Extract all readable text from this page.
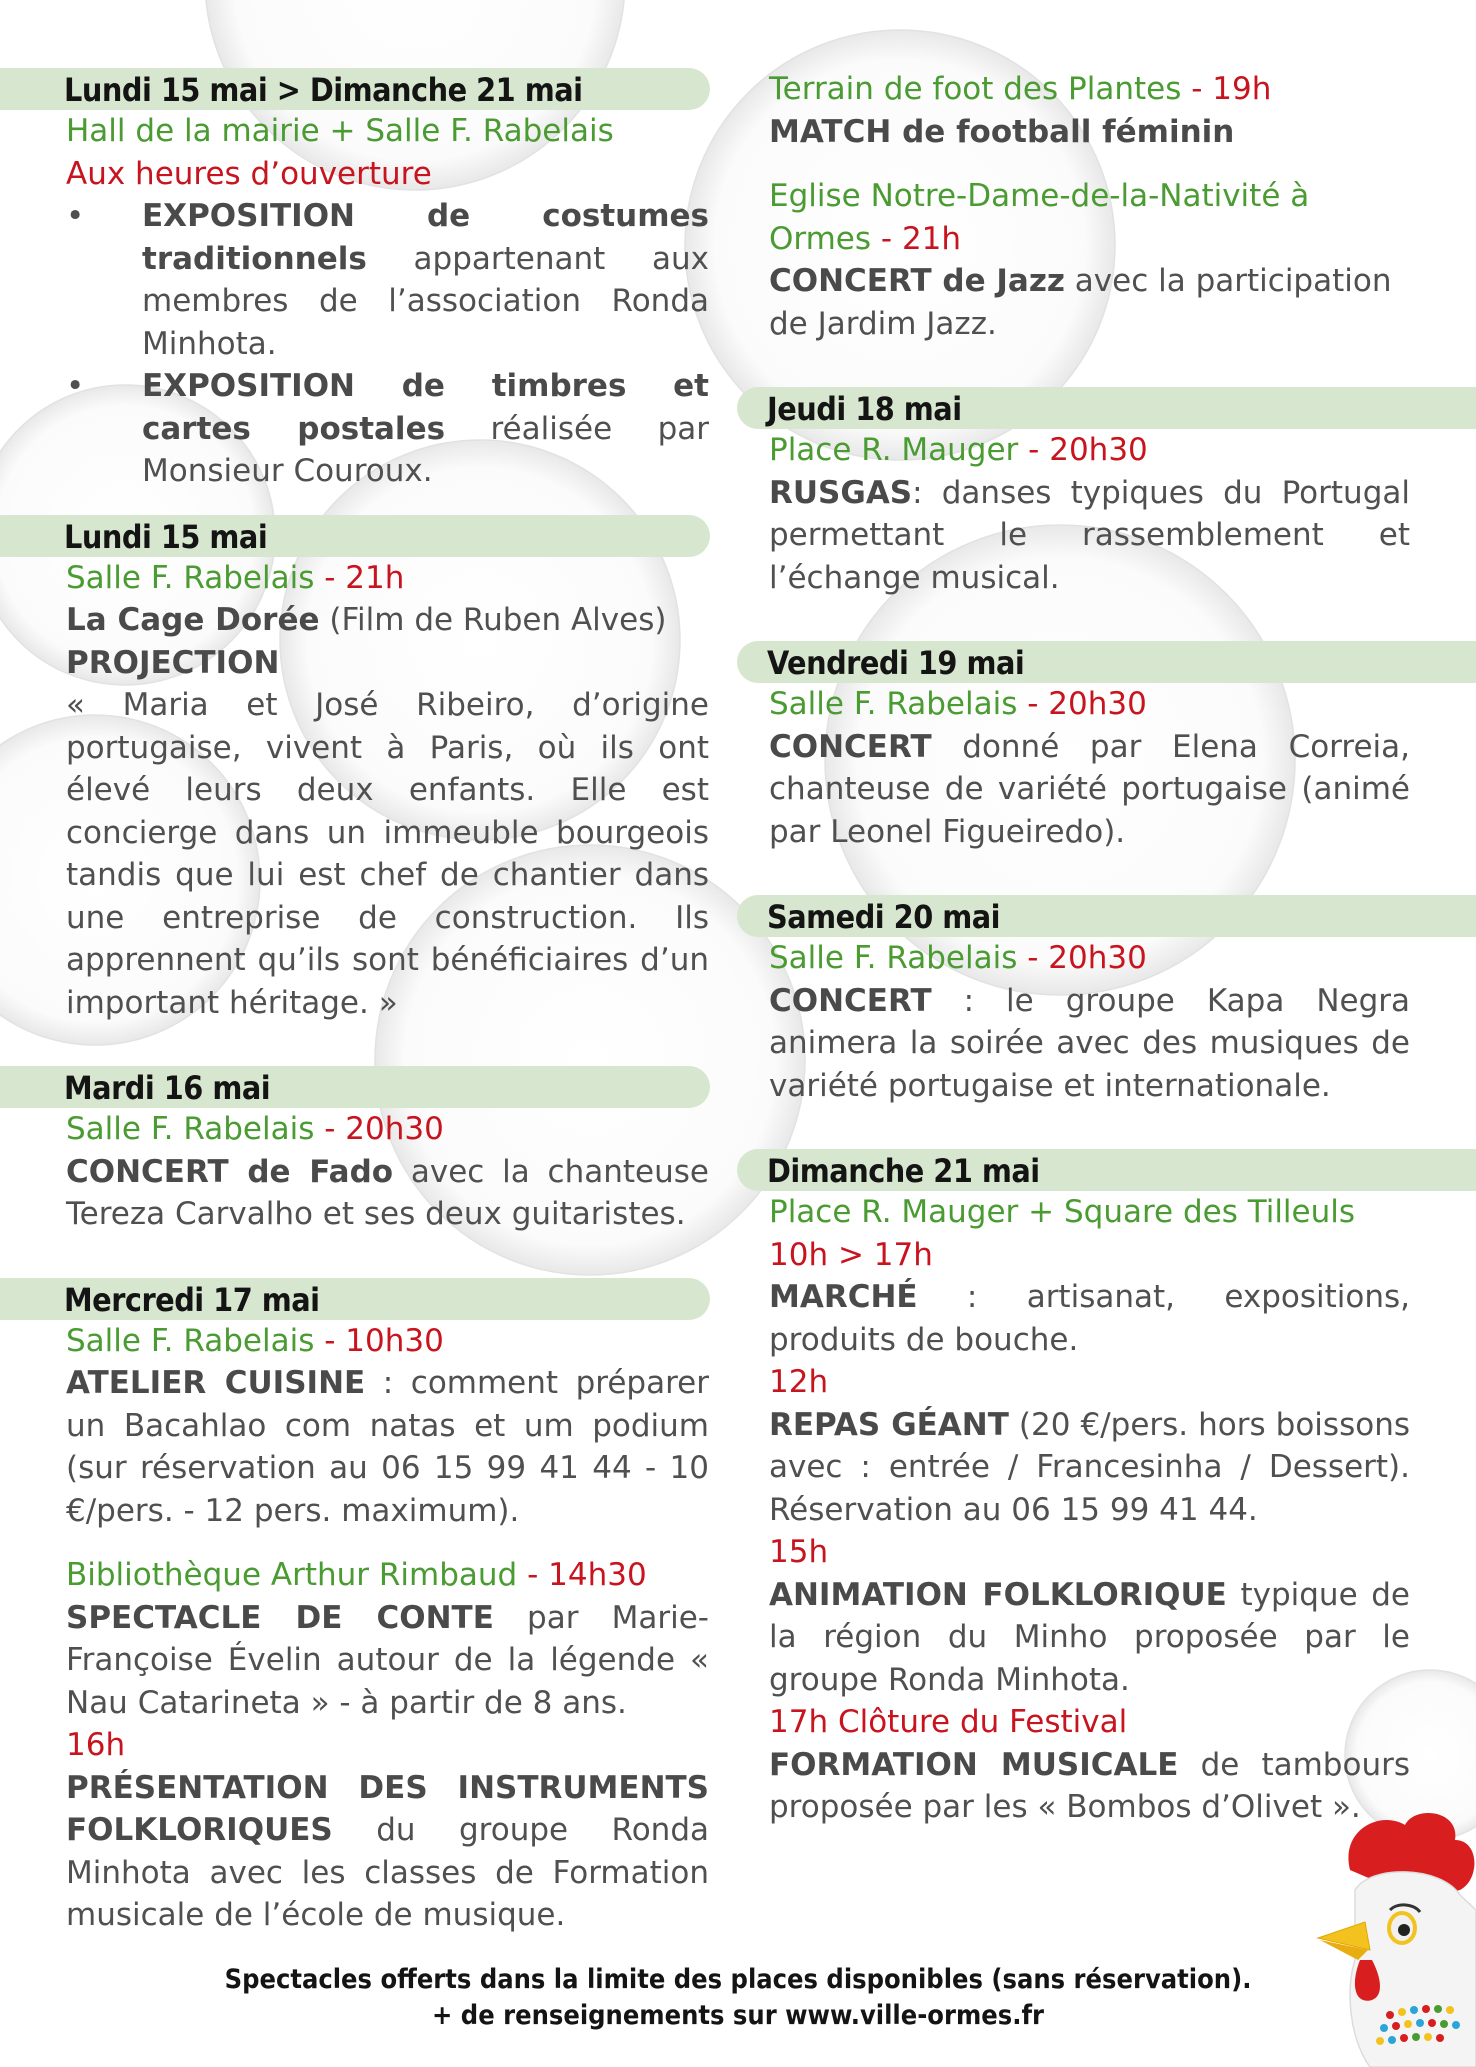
Lundi 15 mai > Dimanche 21 mai

Hall de la mairie + Salle F. Rabelais

Aux heures d’ouverture

• EXPOSITION de costumes traditionnels appartenant aux membres de l’association Ronda Minhota.
• EXPOSITION de timbres et cartes postales réalisée par Monsieur Couroux.
Lundi 15 mai

Salle F. Rabelais - 21h

La Cage Dorée (Film de Ruben Alves)

PROJECTION

« Maria et José Ribeiro, d’origine portugaise, vivent à Paris, où ils ont élevé leurs deux enfants. Elle est concierge dans un immeuble bourgeois tandis que lui est chef de chantier dans une entreprise de construction. Ils apprennent qu’ils sont bénéficiaires d’un important héritage. »

Mardi 16 mai

Salle F. Rabelais - 20h30

CONCERT de Fado avec la chanteuse Tereza Carvalho et ses deux guitaristes.

Mercredi 17 mai

Salle F. Rabelais - 10h30

ATELIER CUISINE : comment préparer un Bacahlao com natas et um podium (sur réservation au 06 15 99 41 44 - 10 €/pers. - 12 pers. maximum).

Bibliothèque Arthur Rimbaud - 14h30

SPECTACLE DE CONTE par Marie-Françoise Évelin autour de la légende « Nau Catarineta » - à partir de 8 ans.

16h

PRÉSENTATION DES INSTRUMENTS FOLKLORIQUES du groupe Ronda Minhota avec les classes de Formation musicale de l’école de musique.

Terrain de foot des Plantes - 19h

MATCH de football féminin

Eglise Notre-Dame-de-la-Nativité à Ormes - 21h

CONCERT de Jazz avec la participation de Jardim Jazz.

Jeudi 18 mai

Place R. Mauger - 20h30

RUSGAS: danses typiques du Portugal permettant le rassemblement et l’échange musical.

Vendredi 19 mai

Salle F. Rabelais - 20h30

CONCERT donné par Elena Correia, chanteuse de variété portugaise (animé par Leonel Figueiredo).

Samedi 20 mai

Salle F. Rabelais - 20h30

CONCERT : le groupe Kapa Negra animera la soirée avec des musiques de variété portugaise et internationale.

Dimanche 21 mai

Place R. Mauger + Square des Tilleuls

10h > 17h

MARCHÉ : artisanat, expositions, produits de bouche.

12h

REPAS GÉANT (20 €/pers. hors boissons avec : entrée / Francesinha / Dessert). Réservation au 06 15 99 41 44.

15h

ANIMATION FOLKLORIQUE typique de la région du Minho proposée par le groupe Ronda Minhota.

17h Clôture du Festival

FORMATION MUSICALE de tambours proposée par les « Bombos d’Olivet ».

Spectacles offerts dans la limite des places disponibles (sans réservation).
+ de renseignements sur www.ville-ormes.fr
